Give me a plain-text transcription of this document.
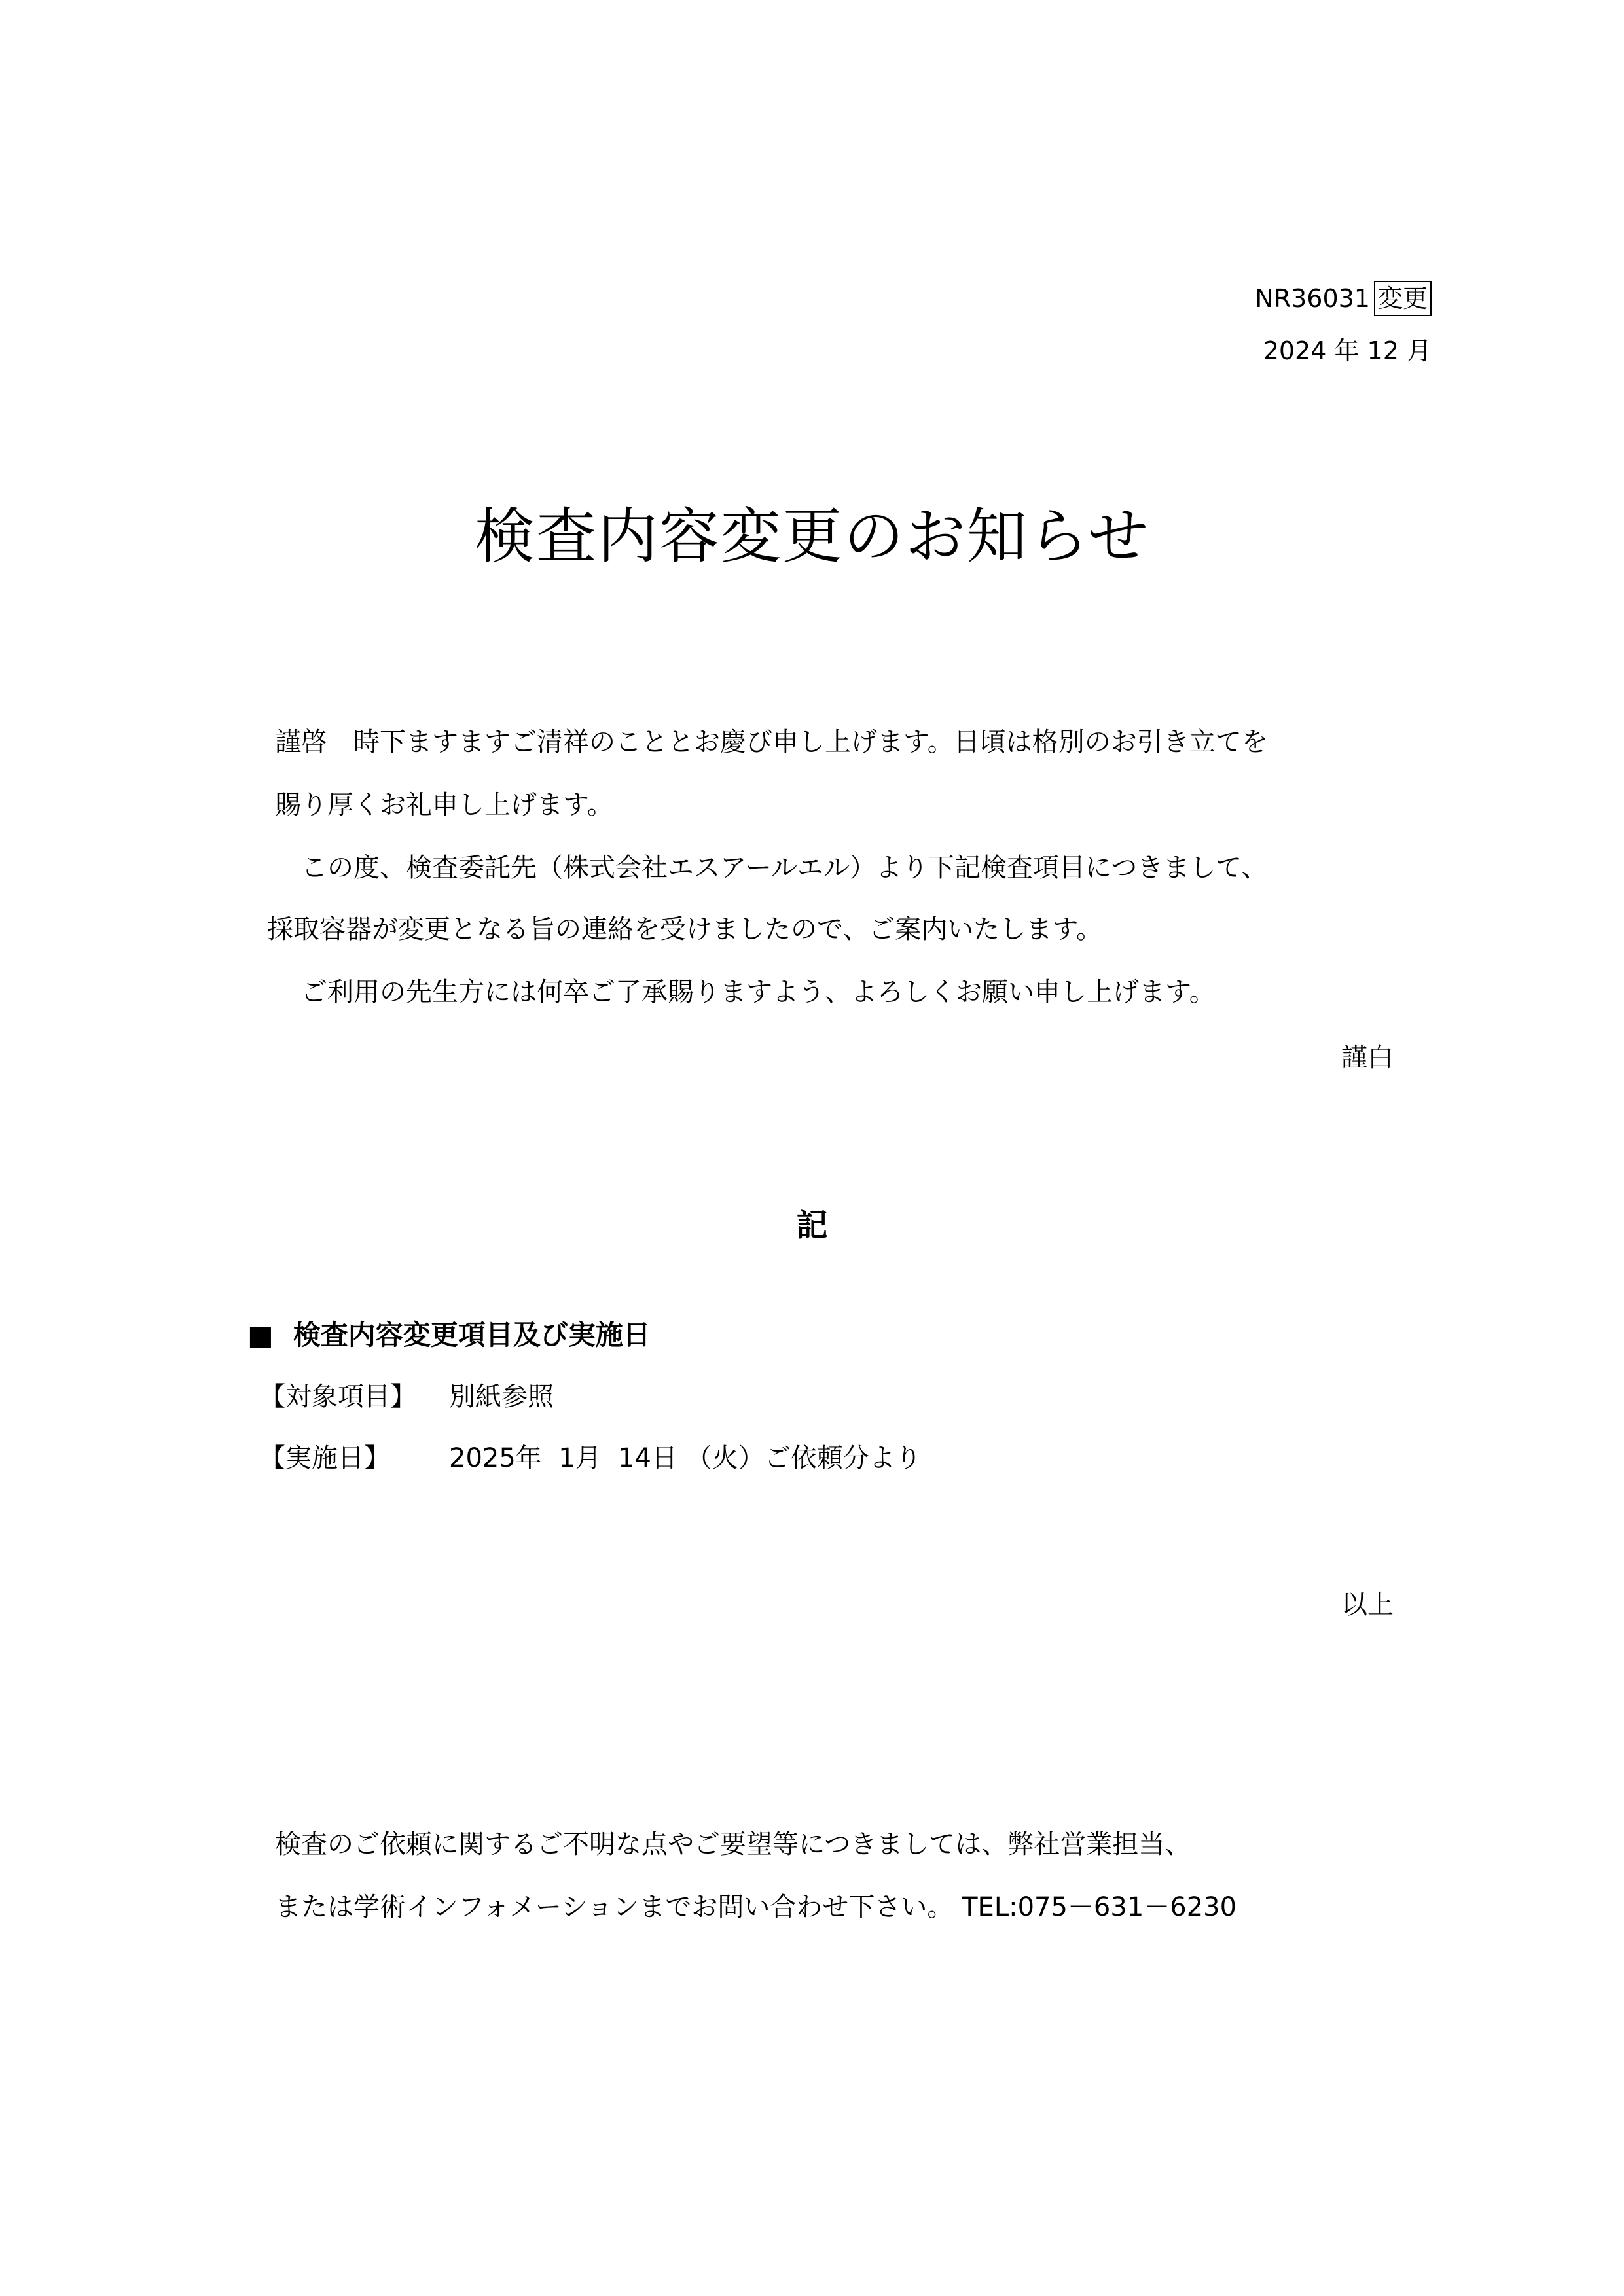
NR36031 変更
2024 年 12 月
検査内容変更のお知らせ
謹啓　時下ますますご清祥のこととお慶び申し上げます。日頃は格別のお引き立てを
賜り厚くお礼申し上げます。
　この度、検査委託先（株式会社エスアールエル）より下記検査項目につきまして、
採取容器が変更となる旨の連絡を受けましたので、ご案内いたします。
　ご利用の先生方には何卒ご了承賜りますよう、よろしくお願い申し上げます。
謹白
記
■ 検査内容変更項目及び実施日
【対象項目】	別紙参照
【実施日】	2025年  1月  14日 （火）ご依頼分より
以上
検査のご依頼に関するご不明な点やご要望等につきましては、弊社営業担当、
または学術インフォメーションまでお問い合わせ下さい。 TEL:075－631－6230
